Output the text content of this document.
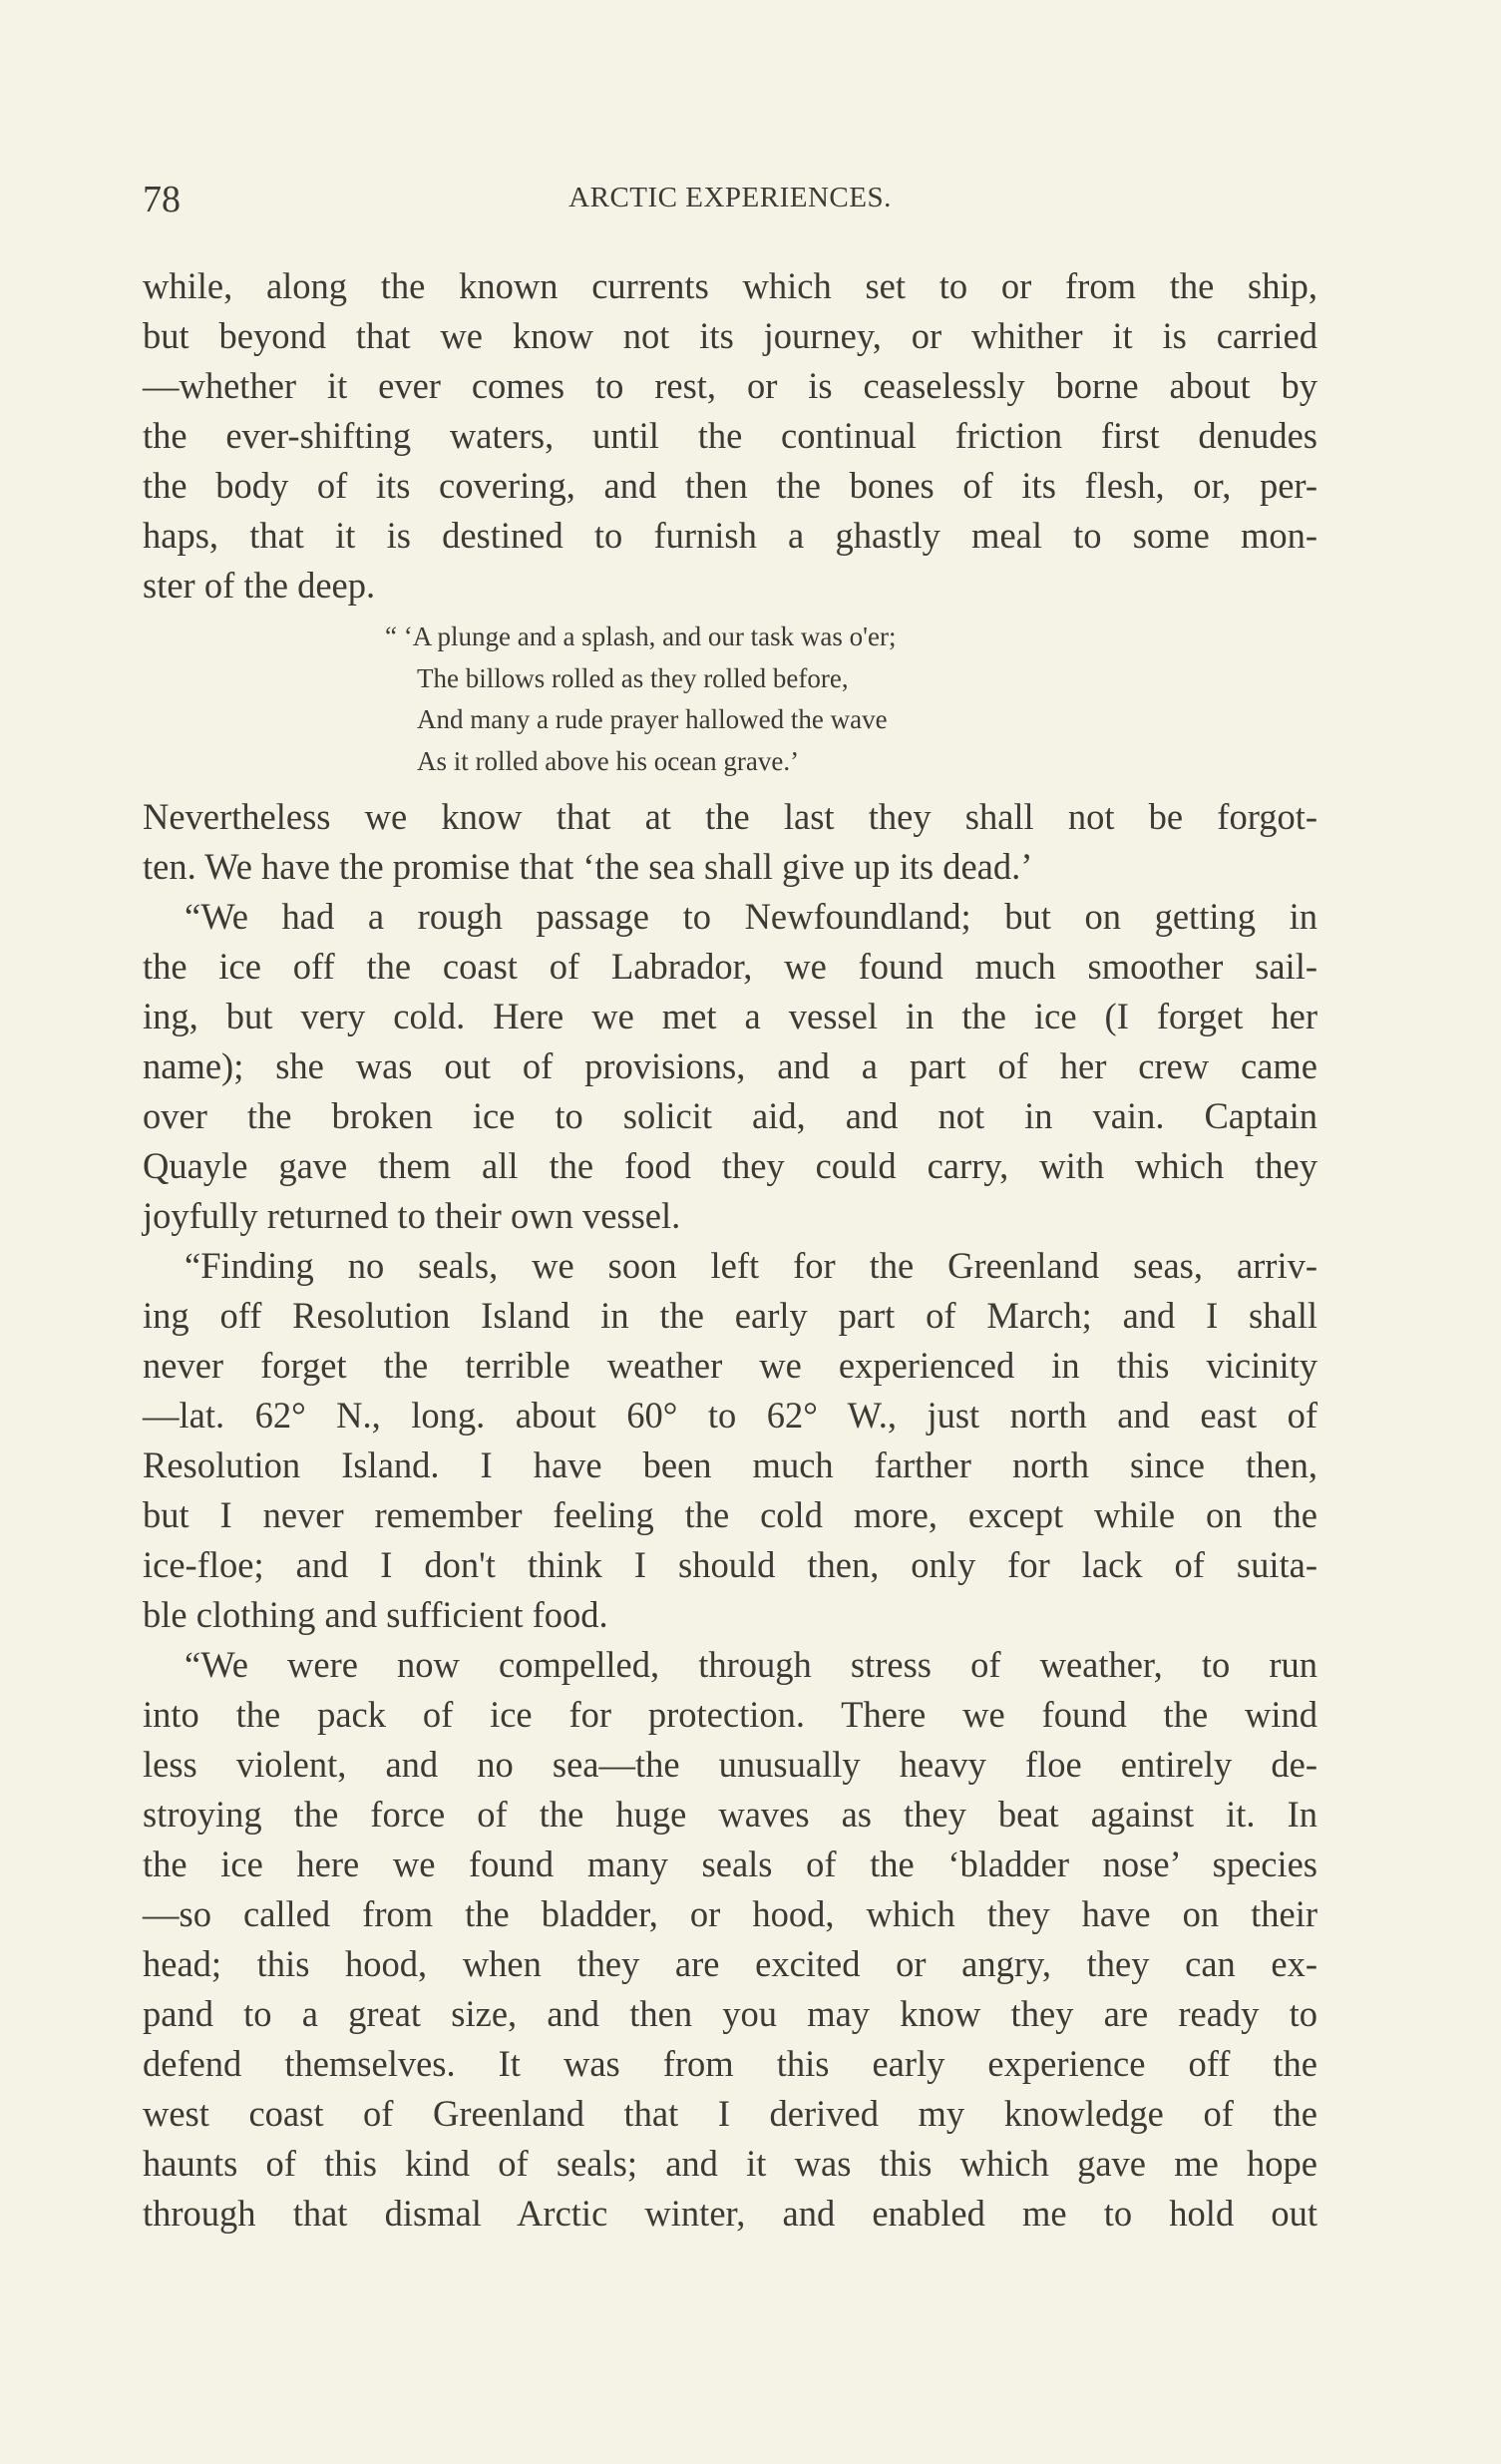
78	ARCTIC EXPERIENCES.
while, along the known currents which set to or from the ship,
but beyond that we know not its journey, or whither it is carried
—whether it ever comes to rest, or is ceaselessly borne about by
the ever-shifting waters, until the continual friction first denudes
the body of its covering, and then the bones of its flesh, or, per-
haps, that it is destined to furnish a ghastly meal to some mon-
ster of the deep.
“ ‘A plunge and a splash, and our task was o'er;
The billows rolled as they rolled before,
And many a rude prayer hallowed the wave
As it rolled above his ocean grave.’
Nevertheless we know that at the last they shall not be forgot-
ten. We have the promise that ‘the sea shall give up its dead.’
“We had a rough passage to Newfoundland; but on getting in
the ice off the coast of Labrador, we found much smoother sail-
ing, but very cold. Here we met a vessel in the ice (I forget her
name); she was out of provisions, and a part of her crew came
over the broken ice to solicit aid, and not in vain. Captain
Quayle gave them all the food they could carry, with which they
joyfully returned to their own vessel.
“Finding no seals, we soon left for the Greenland seas, arriv-
ing off Resolution Island in the early part of March; and I shall
never forget the terrible weather we experienced in this vicinity
—lat. 62° N., long. about 60° to 62° W., just north and east of
Resolution Island. I have been much farther north since then,
but I never remember feeling the cold more, except while on the
ice-floe; and I don't think I should then, only for lack of suita-
ble clothing and sufficient food.
“We were now compelled, through stress of weather, to run
into the pack of ice for protection. There we found the wind
less violent, and no sea—the unusually heavy floe entirely de-
stroying the force of the huge waves as they beat against it. In
the ice here we found many seals of the ‘bladder nose’ species
—so called from the bladder, or hood, which they have on their
head; this hood, when they are excited or angry, they can ex-
pand to a great size, and then you may know they are ready to
defend themselves. It was from this early experience off the
west coast of Greenland that I derived my knowledge of the
haunts of this kind of seals; and it was this which gave me hope
through that dismal Arctic winter, and enabled me to hold out
